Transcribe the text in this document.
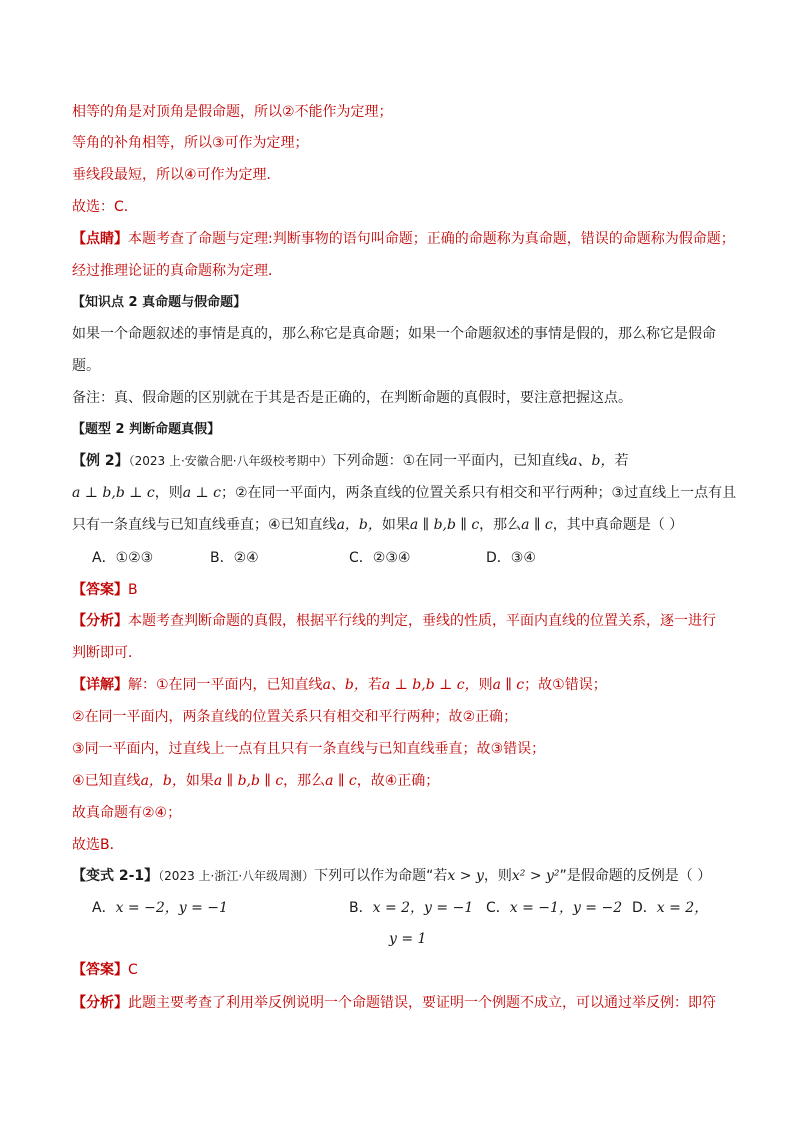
相等的角是对顶角是假命题，所以②不能作为定理；
等角的补角相等，所以③可作为定理；
垂线段最短，所以④可作为定理．
故选：C．
【点睛】本题考查了命题与定理:判断事物的语句叫命题；正确的命题称为真命题，错误的命题称为假命题；
经过推理论证的真命题称为定理．
【知识点 2 真命题与假命题】
如果一个命题叙述的事情是真的，那么称它是真命题；如果一个命题叙述的事情是假的，那么称它是假命
题。
备注：真、假命题的区别就在于其是否是正确的，在判断命题的真假时，要注意把握这点。
【题型 2 判断命题真假】
【例 2】（2023 上·安徽合肥·八年级校考期中）下列命题：①在同一平面内，已知直线a、b，若
a ⊥ b,b ⊥ c，则a ⊥ c；②在同一平面内，两条直线的位置关系只有相交和平行两种；③过直线上一点有且
只有一条直线与已知直线垂直；④已知直线a，b，如果a ∥ b,b ∥ c，那么a ∥ c，其中真命题是（ ）
A．①②③	B．②④	C．②③④	D．③④
【答案】B
【分析】本题考查判断命题的真假，根据平行线的判定，垂线的性质，平面内直线的位置关系，逐一进行
判断即可．
【详解】解：①在同一平面内，已知直线a、b，若a ⊥ b,b ⊥ c，则a ∥ c；故①错误；
②在同一平面内，两条直线的位置关系只有相交和平行两种；故②正确；
③同一平面内，过直线上一点有且只有一条直线与已知直线垂直；故③错误；
④已知直线a，b，如果a ∥ b,b ∥ c，那么a ∥ c，故④正确；
故真命题有②④；
故选B．
【变式 2-1】（2023 上·浙江·八年级周测）下列可以作为命题“若x > y，则x² > y²”是假命题的反例是（ ）
A．x = −2，y = −1	B．x = 2，y = −1 C．x = −1，y = −2 D．x = 2，
y = 1
【答案】C
【分析】此题主要考查了利用举反例说明一个命题错误，要证明一个例题不成立，可以通过举反例：即符
